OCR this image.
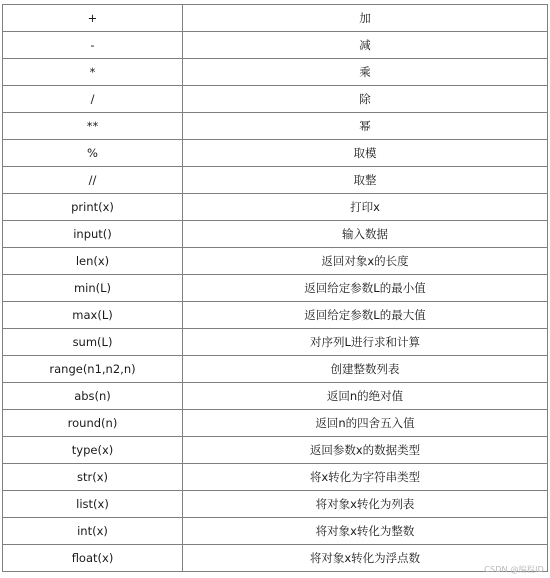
+	加
-	减
*	乘
/	除
**	幂
%	取模
//	取整
print(x)	打印x
input()	输入数据
len(x)	返回对象x的长度
min(L)	返回给定参数L的最小值
max(L)	返回给定参数L的最大值
sum(L)	对序列L进行求和计算
range(n1,n2,n)	创建整数列表
abs(n)	返回n的绝对值
round(n)	返回n的四舍五入值
type(x)	返回参数x的数据类型
str(x)	将x转化为字符串类型
list(x)	将对象x转化为列表
int(x)	将对象x转化为整数
float(x)	将对象x转化为浮点数
CSDN @编程ID
